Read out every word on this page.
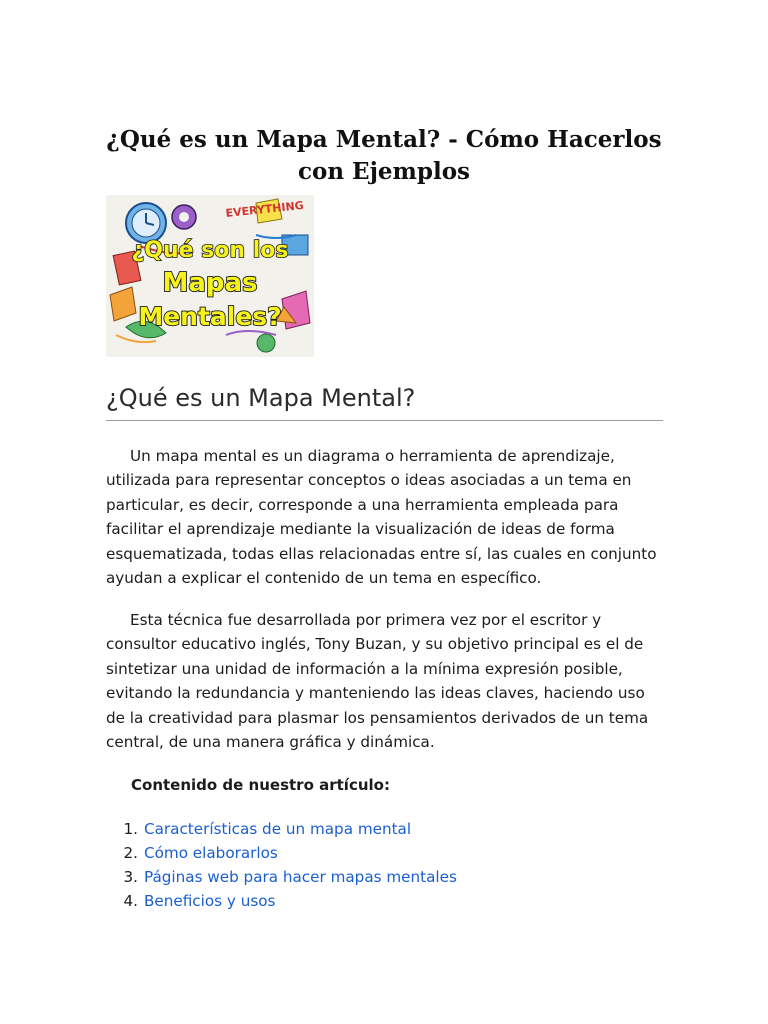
¿Qué es un Mapa Mental? - Cómo Hacerlos con Ejemplos
EVERYTHING
¿Qué son los
Mapas
Mentales?
¿Qué es un Mapa Mental?

Un mapa mental es un diagrama o herramienta de aprendizaje, utilizada para representar conceptos o ideas asociadas a un tema en particular, es decir, corresponde a una herramienta empleada para facilitar el aprendizaje mediante la visualización de ideas de forma esquematizada, todas ellas relacionadas entre sí, las cuales en conjunto ayudan a explicar el contenido de un tema en específico.

Esta técnica fue desarrollada por primera vez por el escritor y consultor educativo inglés, Tony Buzan, y su objetivo principal es el de sintetizar una unidad de información a la mínima expresión posible, evitando la redundancia y manteniendo las ideas claves, haciendo uso de la creatividad para plasmar los pensamientos derivados de un tema central, de una manera gráfica y dinámica.

Contenido de nuestro artículo:

1. Características de un mapa mental
2. Cómo elaborarlos
3. Páginas web para hacer mapas mentales
4. Beneficios y usos
